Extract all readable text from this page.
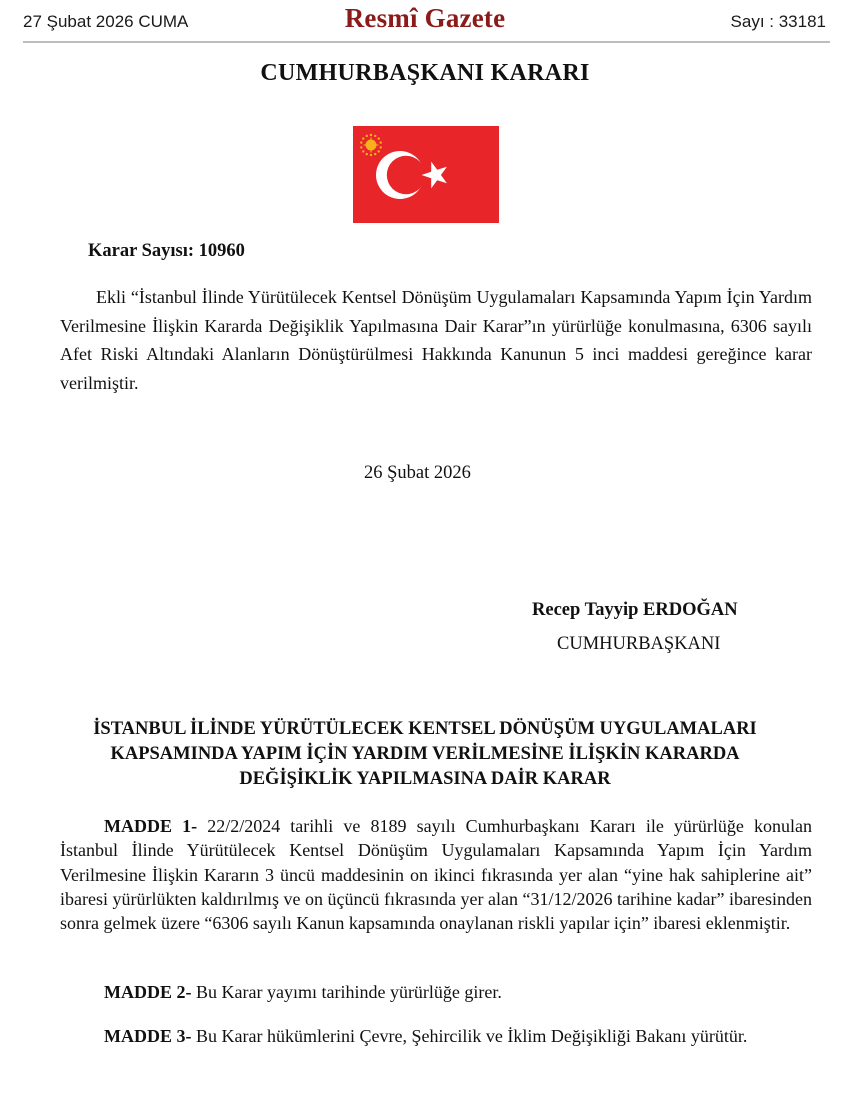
27 Şubat 2026 CUMA	Resmî Gazete	Sayı : 33181
CUMHURBAŞKANI KARARI
Karar Sayısı: 10960

Ekli “İstanbul İlinde Yürütülecek Kentsel Dönüşüm Uygulamaları Kapsamında Yapım İçin Yardım Verilmesine İlişkin Kararda Değişiklik Yapılmasına Dair Karar”ın yürürlüğe konulmasına, 6306 sayılı Afet Riski Altındaki Alanların Dönüştürülmesi Hakkında Kanunun 5 inci maddesi gereğince karar verilmiştir.

26 Şubat 2026
Recep Tayyip ERDOĞAN
CUMHURBAŞKANI
İSTANBUL İLİNDE YÜRÜTÜLECEK KENTSEL DÖNÜŞÜM UYGULAMALARI
KAPSAMINDA YAPIM İÇİN YARDIM VERİLMESİNE İLİŞKİN KARARDA
DEĞİŞİKLİK YAPILMASINA DAİR KARAR

MADDE 1- 22/2/2024 tarihli ve 8189 sayılı Cumhurbaşkanı Kararı ile yürürlüğe konulan İstanbul İlinde Yürütülecek Kentsel Dönüşüm Uygulamaları Kapsamında Yapım İçin Yardım Verilmesine İlişkin Kararın 3 üncü maddesinin on ikinci fıkrasında yer alan “yine hak sahiplerine ait” ibaresi yürürlükten kaldırılmış ve on üçüncü fıkrasında yer alan “31/12/2026 tarihine kadar” ibaresinden sonra gelmek üzere “6306 sayılı Kanun kapsamında onaylanan riskli yapılar için” ibaresi eklenmiştir.

MADDE 2- Bu Karar yayımı tarihinde yürürlüğe girer.

MADDE 3- Bu Karar hükümlerini Çevre, Şehircilik ve İklim Değişikliği Bakanı yürütür.
